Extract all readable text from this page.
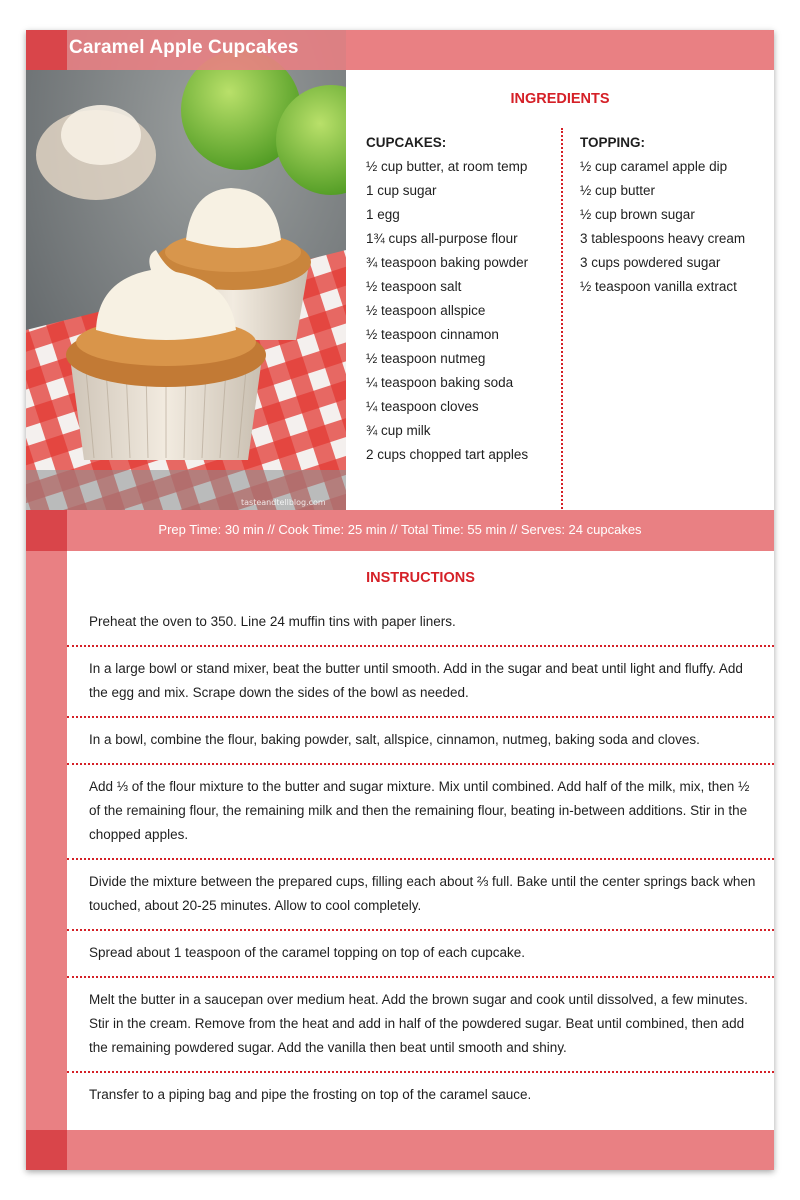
tasteandtellblog.com
Caramel Apple Cupcakes
INGREDIENTS
CUPCAKES:
½ cup butter, at room temp
1 cup sugar
1 egg
1¾ cups all-purpose flour
¾ teaspoon baking powder
½ teaspoon salt
½ teaspoon allspice
½ teaspoon cinnamon
½ teaspoon nutmeg
¼ teaspoon baking soda
¼ teaspoon cloves
¾ cup milk
2 cups chopped tart apples
TOPPING:
½ cup caramel apple dip
½ cup butter
½ cup brown sugar
3 tablespoons heavy cream
3 cups powdered sugar
½ teaspoon vanilla extract
Prep Time: 30 min // Cook Time: 25 min // Total Time: 55 min // Serves: 24 cupcakes
INSTRUCTIONS
Preheat the oven to 350. Line 24 muffin tins with paper liners.
In a large bowl or stand mixer, beat the butter until smooth. Add in the sugar and beat until light and fluffy. Add the egg and mix. Scrape down the sides of the bowl as needed.
In a bowl, combine the flour, baking powder, salt, allspice, cinnamon, nutmeg, baking soda and cloves.
Add ⅓ of the flour mixture to the butter and sugar mixture. Mix until combined. Add half of the milk, mix, then ½ of the remaining flour, the remaining milk and then the remaining flour, beating in-between additions. Stir in the chopped apples.
Divide the mixture between the prepared cups, filling each about ⅔ full. Bake until the center springs back when touched, about 20-25 minutes. Allow to cool completely.
Spread about 1 teaspoon of the caramel topping on top of each cupcake.
Melt the butter in a saucepan over medium heat. Add the brown sugar and cook until dissolved, a few minutes. Stir in the cream. Remove from the heat and add in half of the powdered sugar. Beat until combined, then add the remaining powdered sugar. Add the vanilla then beat until smooth and shiny.
Transfer to a piping bag and pipe the frosting on top of the caramel sauce.
